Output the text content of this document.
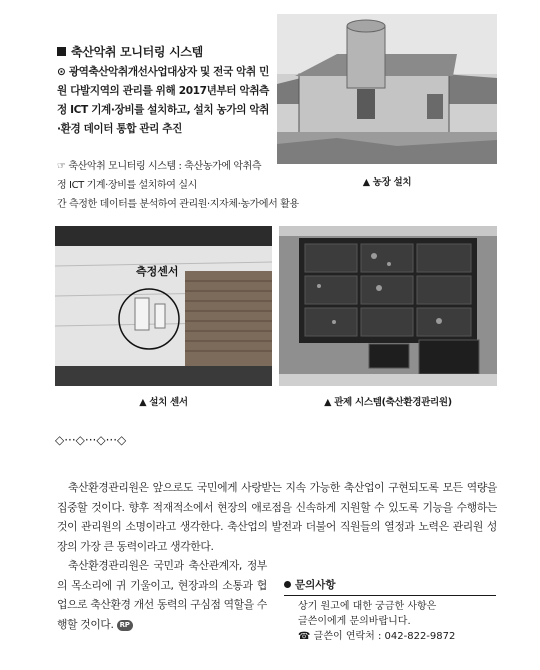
축산악취 모니터링 시스템
⊙ 광역축산악취개선사업대상자 및 전국 악취 민원 다발지역의 관리를 위해 2017년부터 악취측정 ICT 기계·장비를 설치하고, 설치 농가의 악취·환경 데이터 통합 관리 추진
☞ 축산악취 모니터링 시스템 : 축산농가에 악취측정 ICT 기계·장비를 설치하여 실시
간 측정한 데이터를 분석하여 관리원·지자체·농가에서 활용
▲ 농장 설치
측정센서
▲ 설치 센서	▲ 관제 시스템(축산환경관리원)
◇···◇···◇···◇
축산환경관리원은 앞으로도 국민에게 사랑받는 지속 가능한 축산업이 구현되도록 모든 역량을 집중할 것이다. 향후 적재적소에서 현장의 애로점을 신속하게 지원할 수 있도록 기능을 수행하는 것이 관리원의 소명이라고 생각한다. 축산업의 발전과 더불어 직원들의 열정과 노력은 관리원 성장의 가장 큰 동력이라고 생각한다.
축산환경관리원은 국민과 축산관계자, 정부의 목소리에 귀 기울이고, 현장과의 소통과 협업으로 축산환경 개선 동력의 구심점 역할을 수행할 것이다. RP
문의사항
상기 원고에 대한 궁금한 사항은
글쓴이에게 문의바랍니다.
☎ 글쓴이 연락처 : 042-822-9872
